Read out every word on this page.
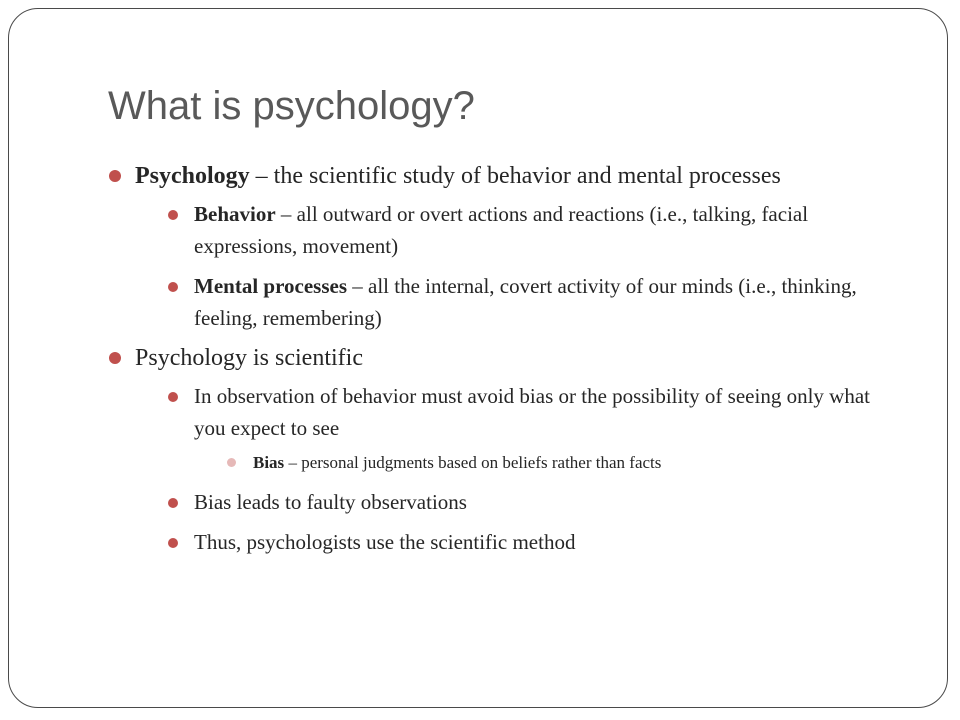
What is psychology?
Psychology – the scientific study of behavior and mental processes
Behavior – all outward or overt actions and reactions (i.e., talking, facial expressions, movement)
Mental processes – all the internal, covert activity of our minds (i.e., thinking, feeling, remembering)
Psychology is scientific
In observation of behavior must avoid bias or the possibility of seeing only what you expect to see
Bias – personal judgments based on beliefs rather than facts
Bias leads to faulty observations
Thus, psychologists use the scientific method
